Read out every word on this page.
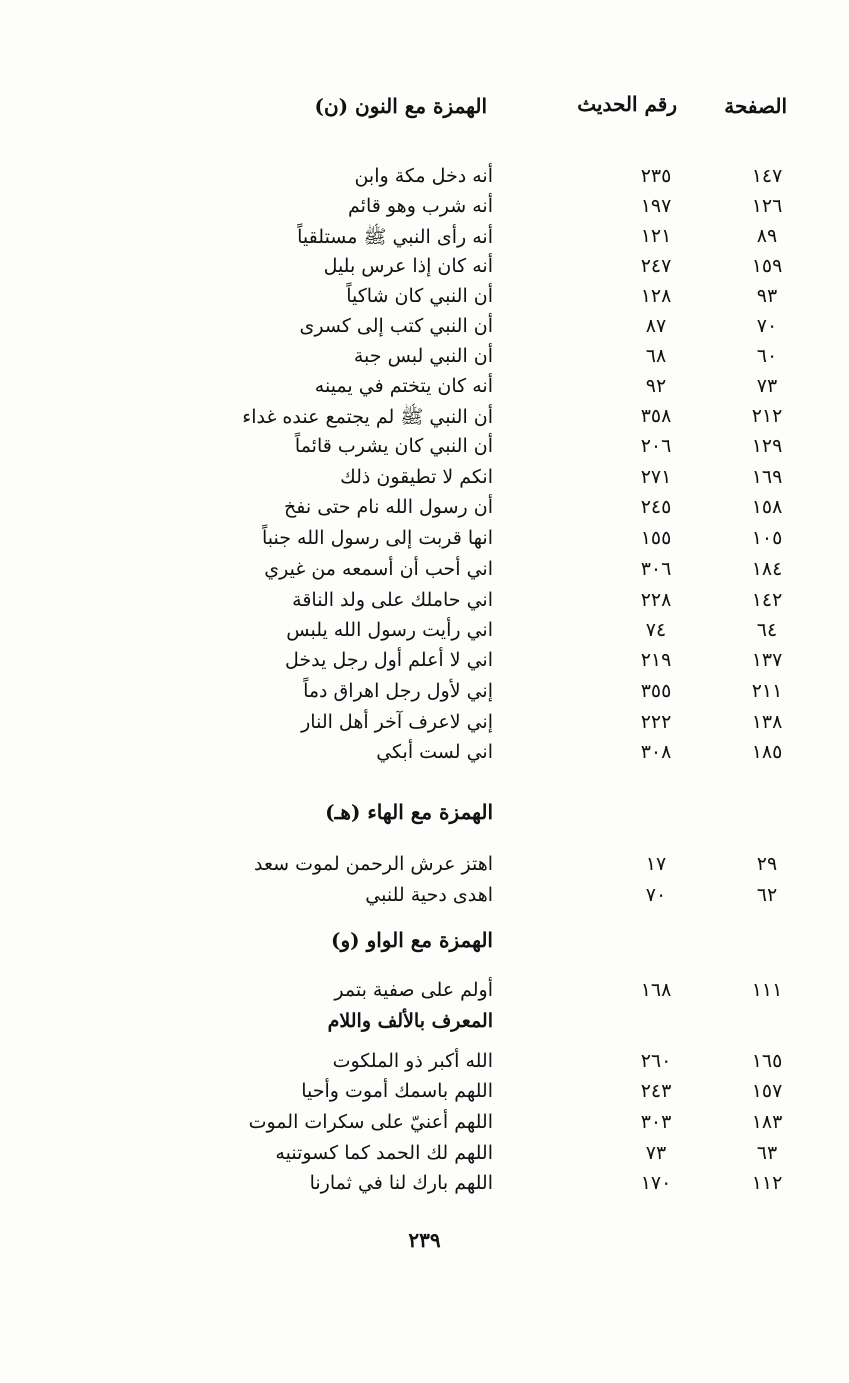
الصفحة
رقم الحديث
الهمزة مع النون (ن)
١٤٧
٢٣٥
أنه دخل مكة وابن
١٢٦
١٩٧
أنه شرب وهو قائم
٨٩
١٢١
أنه رأى النبي ﷺ مستلقياً
١٥٩
٢٤٧
أنه كان إذا عرس بليل
٩٣
١٢٨
أن النبي كان شاكياً
٧٠
٨٧
أن النبي كتب إلى كسرى
٦٠
٦٨
أن النبي لبس جبة
٧٣
٩٢
أنه كان يتختم في يمينه
٢١٢
٣٥٨
أن النبي ﷺ لم يجتمع عنده غداء
١٢٩
٢٠٦
أن النبي كان يشرب قائماً
١٦٩
٢٧١
انكم لا تطيقون ذلك
١٥٨
٢٤٥
أن رسول الله نام حتى نفخ
١٠٥
١٥٥
انها قربت إلى رسول الله جنباً
١٨٤
٣٠٦
اني أحب أن أسمعه من غيري
١٤٢
٢٢٨
اني حاملك على ولد الناقة
٦٤
٧٤
اني رأيت رسول الله يلبس
١٣٧
٢١٩
اني لا أعلم أول رجل يدخل
٢١١
٣٥٥
إني لأول رجل اهراق دماً
١٣٨
٢٢٢
إني لاعرف آخر أهل النار
١٨٥
٣٠٨
اني لست أبكي
الهمزة مع الهاء (هـ)
٢٩
١٧
اهتز عرش الرحمن لموت سعد
٦٢
٧٠
اهدى دحية للنبي
الهمزة مع الواو (و)
١١١
١٦٨
أولم على صفية بتمر
المعرف بالألف واللام
١٦٥
٢٦٠
الله أكبر ذو الملكوت
١٥٧
٢٤٣
اللهم باسمك أموت وأحيا
١٨٣
٣٠٣
اللهم أعنيّ على سكرات الموت
٦٣
٧٣
اللهم لك الحمد كما كسوتنيه
١١٢
١٧٠
اللهم بارك لنا في ثمارنا
٢٣٩
